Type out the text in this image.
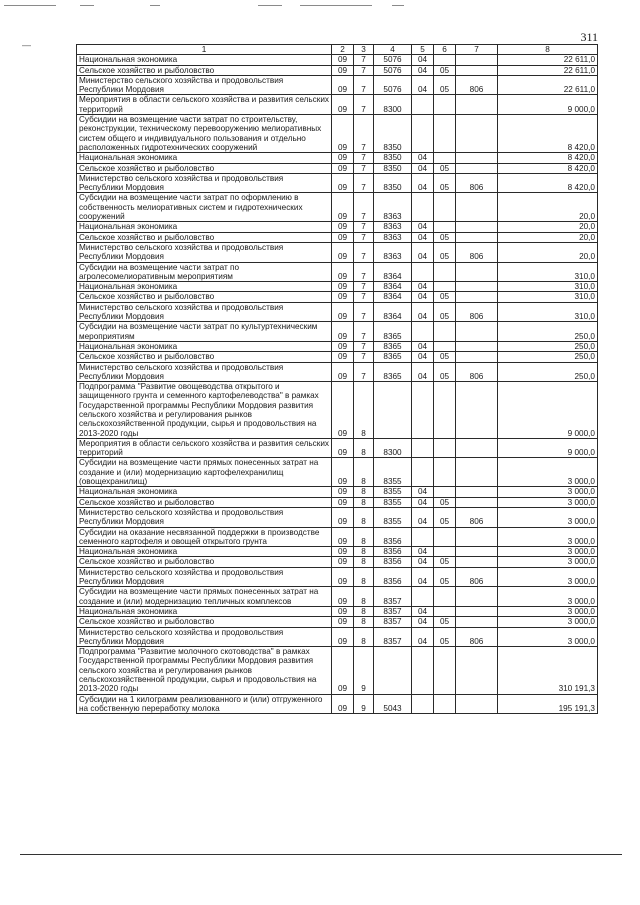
311
—	1	2	3	4	5	6	7	8
Национальная экономика	09	7	5076	04			22 611,0
Сельское хозяйство и рыболовство	09	7	5076	04	05		22 611,0
Министерство сельского хозяйства и продовольствия Республики Мордовия	09	7	5076	04	05	806	22 611,0
Мероприятия в области сельского хозяйства и развития сельских территорий	09	7	8300				9 000,0
Субсидии на возмещение части затрат по строительству, реконструкции, техническому перевооружению мелиоративных систем общего и индивидуального пользования и отдельно расположенных гидротехнических сооружений	09	7	8350				8 420,0
Национальная экономика	09	7	8350	04			8 420,0
Сельское хозяйство и рыболовство	09	7	8350	04	05		8 420,0
Министерство сельского хозяйства и продовольствия Республики Мордовия	09	7	8350	04	05	806	8 420,0
Субсидии на возмещение части затрат по оформлению в собственность мелиоративных систем и гидротехнических сооружений	09	7	8363				20,0
Национальная экономика	09	7	8363	04			20,0
Сельское хозяйство и рыболовство	09	7	8363	04	05		20,0
Министерство сельского хозяйства и продовольствия Республики Мордовия	09	7	8363	04	05	806	20,0
Субсидии на возмещение части затрат по агролесомелиоративным мероприятиям	09	7	8364				310,0
Национальная экономика	09	7	8364	04			310,0
Сельское хозяйство и рыболовство	09	7	8364	04	05		310,0
Министерство сельского хозяйства и продовольствия Республики Мордовия	09	7	8364	04	05	806	310,0
Субсидии на возмещение части затрат по культуртехническим мероприятиям	09	7	8365				250,0
Национальная экономика	09	7	8365	04			250,0
Сельское хозяйство и рыболовство	09	7	8365	04	05		250,0
Министерство сельского хозяйства и продовольствия Республики Мордовия	09	7	8365	04	05	806	250,0
Подпрограмма "Развитие овощеводства открытого и защищенного грунта и семенного картофелеводства" в рамках Государственной программы Республики Мордовия развития сельского хозяйства и регулирования рынков сельскохозяйственной продукции, сырья и продовольствия на 2013-2020 годы	09	8					9 000,0
Мероприятия в области сельского хозяйства и развития сельских территорий	09	8	8300				9 000,0
Субсидии на возмещение части прямых понесенных затрат на создание и (или) модернизацию картофелехранилищ (овощехранилищ)	09	8	8355				3 000,0
Национальная экономика	09	8	8355	04			3 000,0
Сельское хозяйство и рыболовство	09	8	8355	04	05		3 000,0
Министерство сельского хозяйства и продовольствия Республики Мордовия	09	8	8355	04	05	806	3 000,0
Субсидии на оказание несвязанной поддержки в производстве семенного картофеля и овощей открытого грунта	09	8	8356				3 000,0
Национальная экономика	09	8	8356	04			3 000,0
Сельское хозяйство и рыболовство	09	8	8356	04	05		3 000,0
Министерство сельского хозяйства и продовольствия Республики Мордовия	09	8	8356	04	05	806	3 000,0
Субсидии на возмещение части прямых понесенных затрат на создание и (или) модернизацию тепличных комплексов	09	8	8357				3 000,0
Национальная экономика	09	8	8357	04			3 000,0
Сельское хозяйство и рыболовство	09	8	8357	04	05		3 000,0
Министерство сельского хозяйства и продовольствия Республики Мордовия	09	8	8357	04	05	806	3 000,0
Подпрограмма "Развитие молочного скотоводства" в рамках Государственной программы Республики Мордовия развития сельского хозяйства и регулирования рынков сельскохозяйственной продукции, сырья и продовольствия на 2013-2020 годы	09	9					310 191,3
Субсидии на 1 килограмм реализованного и (или) отгруженного на собственную переработку молока	09	9	5043				195 191,3
